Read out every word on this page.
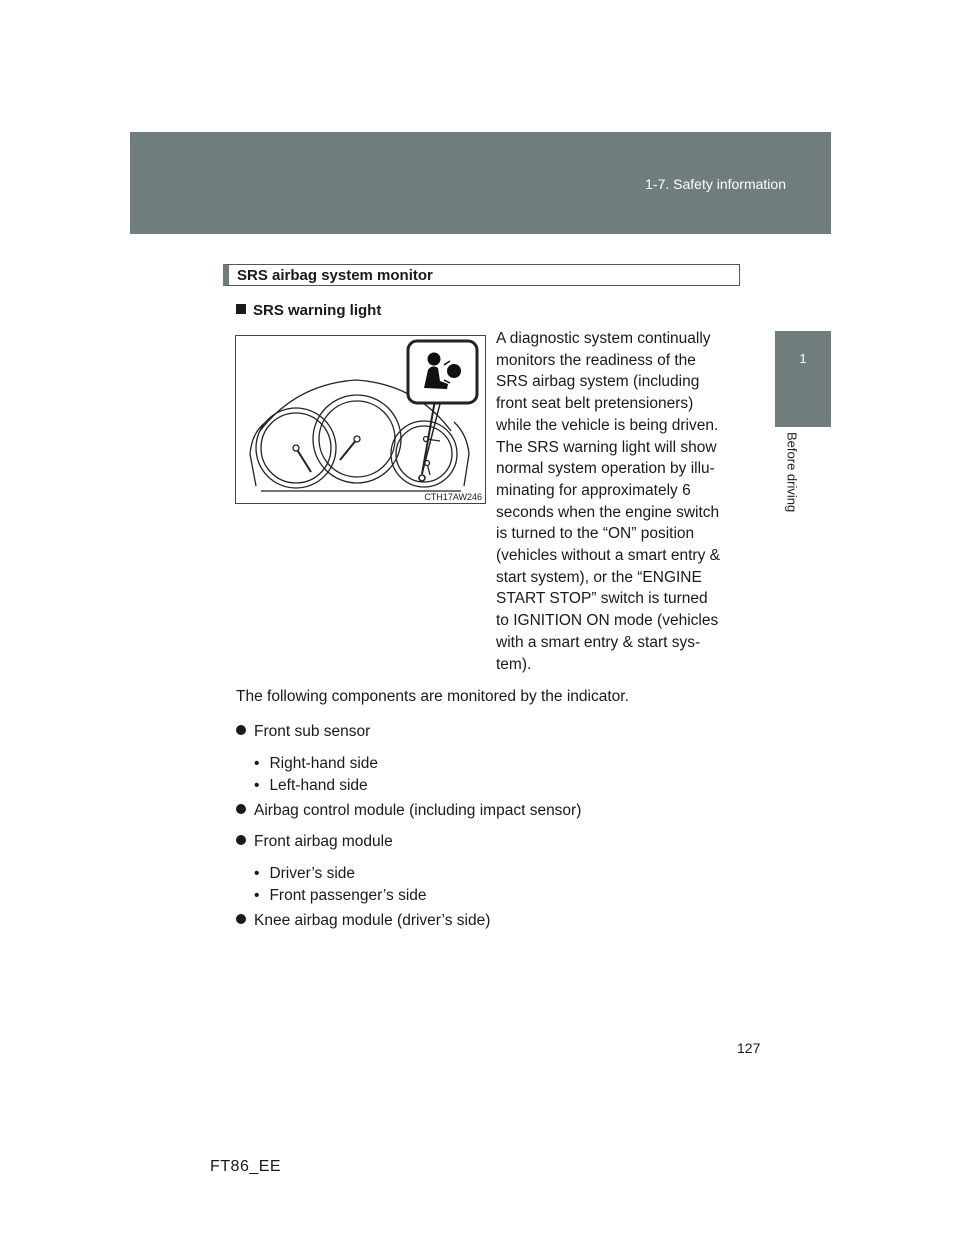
1-7. Safety information
1
Before driving
SRS airbag system monitor
SRS warning light
CTH17AW246
A diagnostic system continually
monitors the readiness of the
SRS airbag system (including
front seat belt pretensioners)
while the vehicle is being driven.
The SRS warning light will show
normal system operation by illu-
minating for approximately 6
seconds when the engine switch
is turned to the “ON” position
(vehicles without a smart entry &
start system), or the “ENGINE
START STOP” switch is turned
to IGNITION ON mode (vehicles
with a smart entry & start sys-
tem).
The following components are monitored by the indicator.
Front sub sensor
• Right-hand side
• Left-hand side
Airbag control module (including impact sensor)
Front airbag module
• Driver’s side
• Front passenger’s side
Knee airbag module (driver’s side)
127
FT86_EE
